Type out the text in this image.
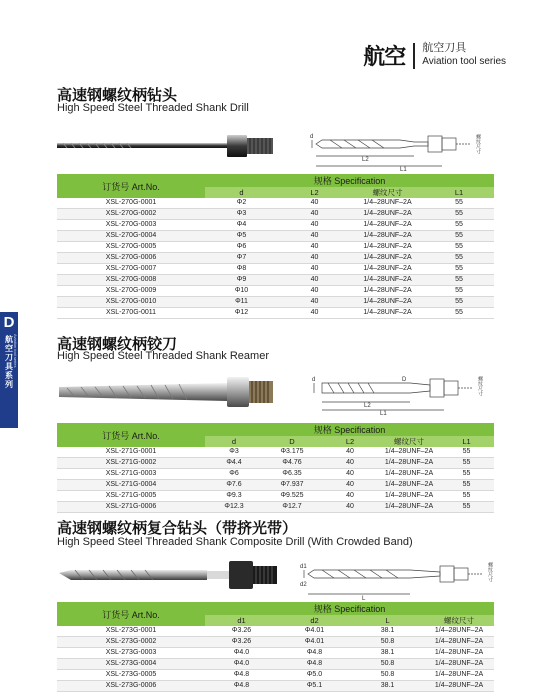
航空 航空刀具
Aviation tool series
D
航空刀具系列 Aviation tool series
高速钢螺纹柄钻头
High Speed Steel Threaded Shank Drill
d
L2
L1
螺纹尺寸
订货号 Art.No.	规格 Specification			
	d	L2	螺纹尺寸	L1
XSL-270G-0001	Φ2	40	1/4–28UNF–2A	55
XSL-270G-0002	Φ3	40	1/4–28UNF–2A	55
XSL-270G-0003	Φ4	40	1/4–28UNF–2A	55
XSL-270G-0004	Φ5	40	1/4–28UNF–2A	55
XSL-270G-0005	Φ6	40	1/4–28UNF–2A	55
XSL-270G-0006	Φ7	40	1/4–28UNF–2A	55
XSL-270G-0007	Φ8	40	1/4–28UNF–2A	55
XSL-270G-0008	Φ9	40	1/4–28UNF–2A	55
XSL-270G-0009	Φ10	40	1/4–28UNF–2A	55
XSL-270G-0010	Φ11	40	1/4–28UNF–2A	55
XSL-270G-0011	Φ12	40	1/4–28UNF–2A	55
高速钢螺纹柄铰刀
High Speed Steel Threaded Shank Reamer
d	D
L2
L1
螺纹尺寸
订货号 Art.No.	规格 Specification				
	d	D	L2	螺纹尺寸	L1
XSL-271G-0001	Φ3	Φ3.175	40	1/4–28UNF–2A	55
XSL-271G-0002	Φ4.4	Φ4.76	40	1/4–28UNF–2A	55
XSL-271G-0003	Φ6	Φ6.35	40	1/4–28UNF–2A	55
XSL-271G-0004	Φ7.6	Φ7.937	40	1/4–28UNF–2A	55
XSL-271G-0005	Φ9.3	Φ9.525	40	1/4–28UNF–2A	55
XSL-271G-0006	Φ12.3	Φ12.7	40	1/4–28UNF–2A	55
高速钢螺纹柄复合钻头（带挤光带）
High Speed Steel Threaded Shank Composite Drill (With Crowded Band)
d1
d2
L
螺纹尺寸
订货号 Art.No.	规格 Specification			
	d1	d2	L	螺纹尺寸
XSL-273G-0001	Φ3.26	Φ4.01	38.1	1/4–28UNF–2A
XSL-273G-0002	Φ3.26	Φ4.01	50.8	1/4–28UNF–2A
XSL-273G-0003	Φ4.0	Φ4.8	38.1	1/4–28UNF–2A
XSL-273G-0004	Φ4.0	Φ4.8	50.8	1/4–28UNF–2A
XSL-273G-0005	Φ4.8	Φ5.0	50.8	1/4–28UNF–2A
XSL-273G-0006	Φ4.8	Φ5.1	38.1	1/4–28UNF–2A
